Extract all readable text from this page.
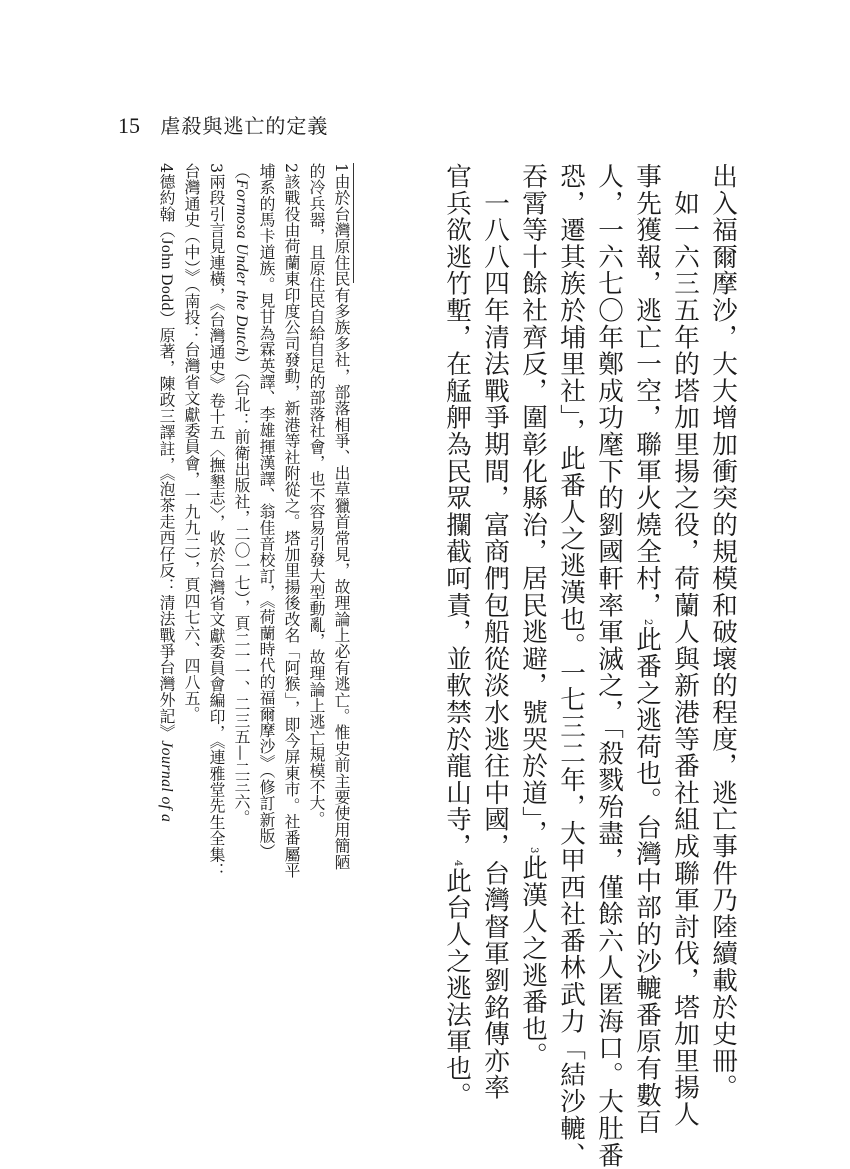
15 虐殺與逃亡的定義
出入福爾摩沙，大大增加衝突的規模和破壞的程度，逃亡事件乃陸續載於史冊。
　如一六三五年的塔加里揚之役，荷蘭人與新港等番社組成聯軍討伐，塔加里揚人
事先獲報，逃亡一空，聯軍火燒全村，2此番之逃荷也。台灣中部的沙轆番原有數百
人，一六七〇年鄭成功麾下的劉國軒率軍滅之，「殺戮殆盡，僅餘六人匿海口。大肚番
恐，遷其族於埔里社」，此番人之逃漢也。一七三二年，大甲西社番林武力「結沙轆、
吞霄等十餘社齊反，圍彰化縣治，居民逃避，號哭於道」，3此漢人之逃番也。
　一八八四年清法戰爭期間，富商們包船從淡水逃往中國，台灣督軍劉銘傳亦率
官兵欲逃竹塹，在艋舺為民眾攔截呵責，並軟禁於龍山寺，4此台人之逃法軍也。
1由於台灣原住民有多族多社，部落相爭、出草獵首常見，故理論上必有逃亡。惟史前主要使用簡陋
的冷兵器，且原住民自給自足的部落社會，也不容易引發大型動亂，故理論上逃亡規模不大。
2該戰役由荷蘭東印度公司發動，新港等社附從之。塔加里揚後改名「阿猴」，即今屏東市。社番屬平
埔系的馬卡道族。見甘為霖英譯、李雄揮漢譯、翁佳音校訂，《荷蘭時代的福爾摩沙》（修訂新版）
（Formosa Under the Dutch）（台北：前衛出版社，二〇一七），頁二一一、二三五—二三六。
3兩段引言見連橫，《台灣通史》卷十五〈撫墾志〉，收於台灣省文獻委員會編印，《連雅堂先生全集：
台灣通史（中）》（南投：台灣省文獻委員會，一九九二），頁四七六、四八五。
4德約翰（John Dodd）原著，陳政三譯註，《泡茶走西仔反：清法戰爭台灣外記》Journal of a
